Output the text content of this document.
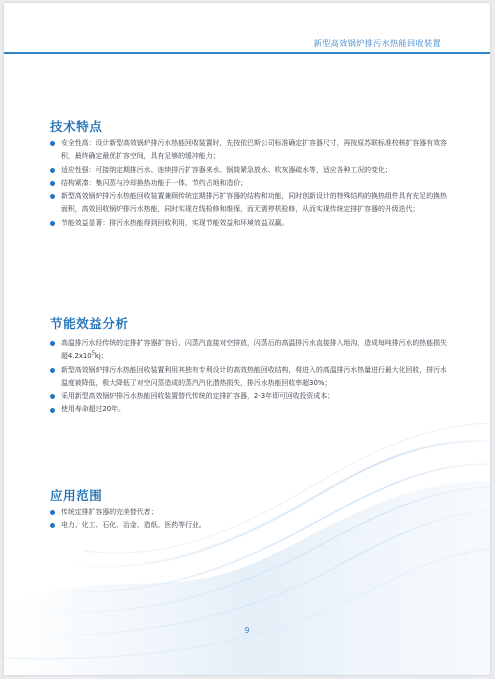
新型高效锅炉排污水热能回收装置
技术特点
安全性高：设计新型高效锅炉排污水热能回收装置时，先按依巴斯公司标准确定扩容器尺寸，再按原苏联标准校核扩容器有效容积，最终确定最优扩容空间，具有足够的缓冲能力；
适应性强：可接纳定期排污水、连续排污扩容器来水、锅筒紧急放水、吹灰器疏水等，适应各种工况的变化；
结构紧凑：集闪蒸与冷却换热功能于一体，节约占地和造价；
新型高效锅炉排污水热能回收装置兼顾传统定期排污扩容器的结构和功能，同时创新设计的特殊结构的换热组件具有充足的换热面积，高效回收锅炉排污水热能，同时实现在线检修和维保，而无需停机检修，从而实现传统定排扩容器的升级迭代；
节能效益显著：排污水热能得到回收利用，实现节能效益和环境效益双赢。
节能效益分析
高温排污水经传统的定排扩容器扩容后，闪蒸汽直接对空排放，闪蒸后的高温排污水直接排入地沟，造成每吨排污水的热能损失超$4.2x10^5kj$；
新型高效锅炉排污水热能回收装置利用其独有专利设计的高效热能回收结构，将进入的高温排污水热量进行最大化回收，排污水温度被降低，极大降低了对空闪蒸造成的蒸汽汽化潜热损失，排污水热能回收率超30%；
采用新型高效锅炉排污水热能回收装置替代传统的定排扩容器，2-3年即可回收投资成本；
使用寿命超过20年。
应用范围
传统定排扩容器的完美替代者；
电力、化工、石化、冶金、造纸、医药等行业。
9
